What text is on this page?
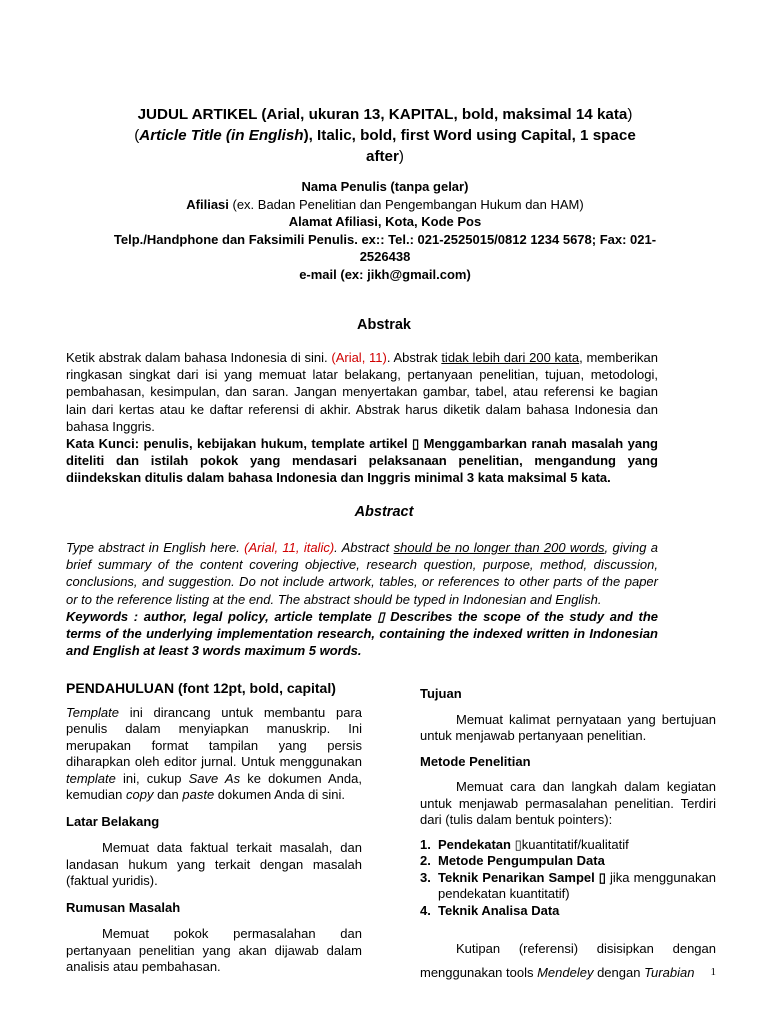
JUDUL ARTIKEL (Arial, ukuran 13, KAPITAL, bold, maksimal 14 kata)
(Article Title (in English), Italic, bold, first Word using Capital, 1 space
after)
Nama Penulis (tanpa gelar)
Afiliasi (ex. Badan Penelitian dan Pengembangan Hukum dan HAM)
Alamat Afiliasi, Kota, Kode Pos
Telp./Handphone dan Faksimili Penulis. ex:: Tel.: 021-2525015/0812 1234 5678; Fax: 021-
2526438
e-mail (ex: jikh@gmail.com)
Abstrak
Ketik abstrak dalam bahasa Indonesia di sini. (Arial, 11). Abstrak tidak lebih dari 200 kata, memberikan ringkasan singkat dari isi yang memuat latar belakang, pertanyaan penelitian, tujuan, metodologi, pembahasan, kesimpulan, dan saran. Jangan menyertakan gambar, tabel, atau referensi ke bagian lain dari kertas atau ke daftar referensi di akhir. Abstrak harus diketik dalam bahasa Indonesia dan bahasa Inggris.
Kata Kunci: penulis, kebijakan hukum, template artikel ▯ Menggambarkan ranah masalah yang diteliti dan istilah pokok yang mendasari pelaksanaan penelitian, mengandung yang diindekskan ditulis dalam bahasa Indonesia dan Inggris minimal 3 kata maksimal 5 kata.
Abstract
Type abstract in English here. (Arial, 11, italic). Abstract should be no longer than 200 words, giving a brief summary of the content covering objective, research question, purpose, method, discussion, conclusions, and suggestion. Do not include artwork, tables, or references to other parts of the paper or to the reference listing at the end. The abstract should be typed in Indonesian and English.
Keywords : author, legal policy, article template ▯ Describes the scope of the study and the terms of the underlying implementation research, containing the indexed written in Indonesian and English at least 3 words maximum 5 words.
PENDAHULUAN (font 12pt, bold, capital)

Template ini dirancang untuk membantu para penulis dalam menyiapkan manuskrip. Ini merupakan format tampilan yang persis diharapkan oleh editor jurnal. Untuk menggunakan template ini, cukup Save As ke dokumen Anda, kemudian copy dan paste dokumen Anda di sini.

Latar Belakang

Memuat data faktual terkait masalah, dan landasan hukum yang terkait dengan masalah (faktual yuridis).

Rumusan Masalah

Memuat pokok permasalahan dan pertanyaan penelitian yang akan dijawab dalam analisis atau pembahasan.

Tujuan

Memuat kalimat pernyataan yang bertujuan untuk menjawab pertanyaan penelitian.

Metode Penelitian

Memuat cara dan langkah dalam kegiatan untuk menjawab permasalahan penelitian. Terdiri dari (tulis dalam bentuk pointers):

1. Pendekatan ▯kuantitatif/kualitatif
2. Metode Pengumpulan Data
3. Teknik Penarikan Sampel ▯ jika menggunakan pendekatan kuantitatif)
4. Teknik Analisa Data

Kutipan (referensi) disisipkan dengan

menggunakan tools Mendeley dengan Turabian	1
